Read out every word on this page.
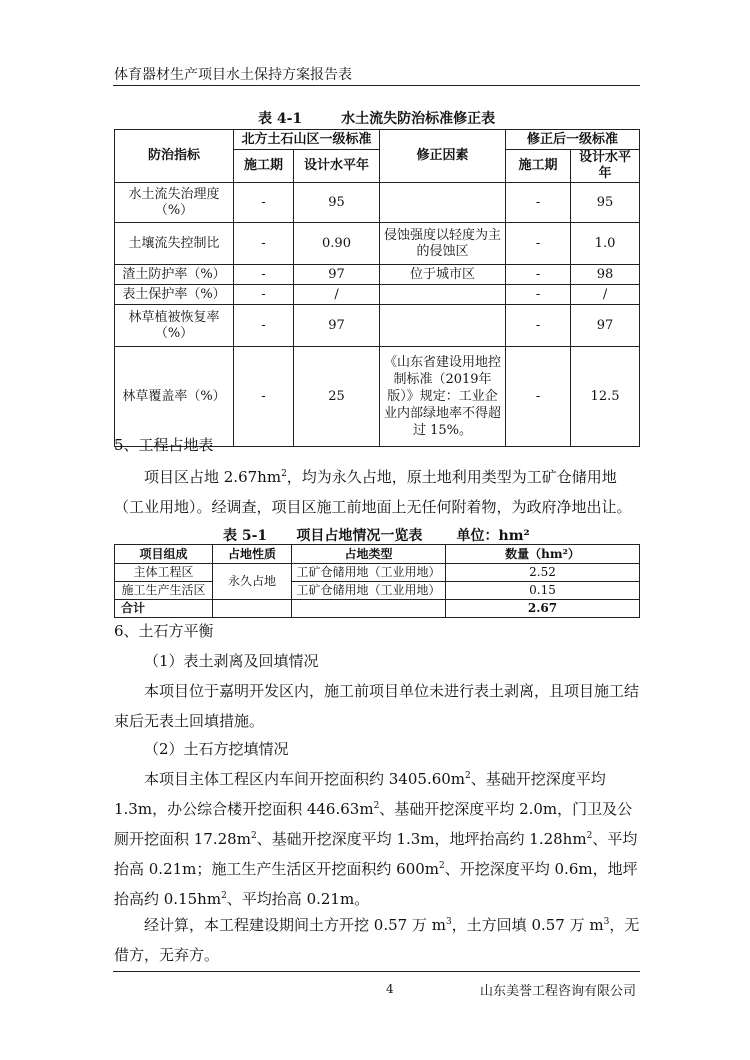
体育器材生产项目水土保持方案报告表
表 4-1        水土流失防治标准修正表
防治指标	北方土石山区一级标准		修正因素	修正后一级标准	
	施工期	设计水平年		施工期	设计水平年
水土流失治理度（%）	-	95		-	95
土壤流失控制比	-	0.90	侵蚀强度以轻度为主的侵蚀区	-	1.0
渣土防护率（%）	-	97	位于城市区	-	98
表土保护率（%）	-	/		-	/
林草植被恢复率（%）	-	97		-	97
林草覆盖率（%）	-	25	《山东省建设用地控制标准（2019年版）》规定：工业企业内部绿地率不得超过 15%。	-	12.5
5、工程占地表
项目区占地 $2.67hm^2$，均为永久占地，原土地利用类型为工矿仓储用地（工业用地）。经调查，项目区施工前地面上无任何附着物，为政府净地出让。
表 5-1      项目占地情况一览表       单位：hm²
项目组成	占地性质	占地类型	数量（hm²）
主体工程区	永久占地	工矿仓储用地（工业用地）	2.52
施工生产生活区		工矿仓储用地（工业用地）	0.15
合计			2.67
6、土石方平衡
（1）表土剥离及回填情况
本项目位于嘉明开发区内，施工前项目单位未进行表土剥离，且项目施工结束后无表土回填措施。
（2）土石方挖填情况
本项目主体工程区内车间开挖面积约 $3405.60m^2$、基础开挖深度平均 1.3m，办公综合楼开挖面积 $446.63m^2$、基础开挖深度平均 2.0m，门卫及公厕开挖面积 $17.28m^2$、基础开挖深度平均 1.3m，地坪抬高约 $1.28hm^2$、平均抬高 0.21m；施工生产生活区开挖面积约 $600m^2$、开挖深度平均 0.6m，地坪抬高约 $0.15hm^2$、平均抬高 0.21m。
经计算，本工程建设期间土方开挖 0.57 万 $m^3$，土方回填 0.57 万 $m^3$，无借方，无弃方。
4	山东美誉工程咨询有限公司
